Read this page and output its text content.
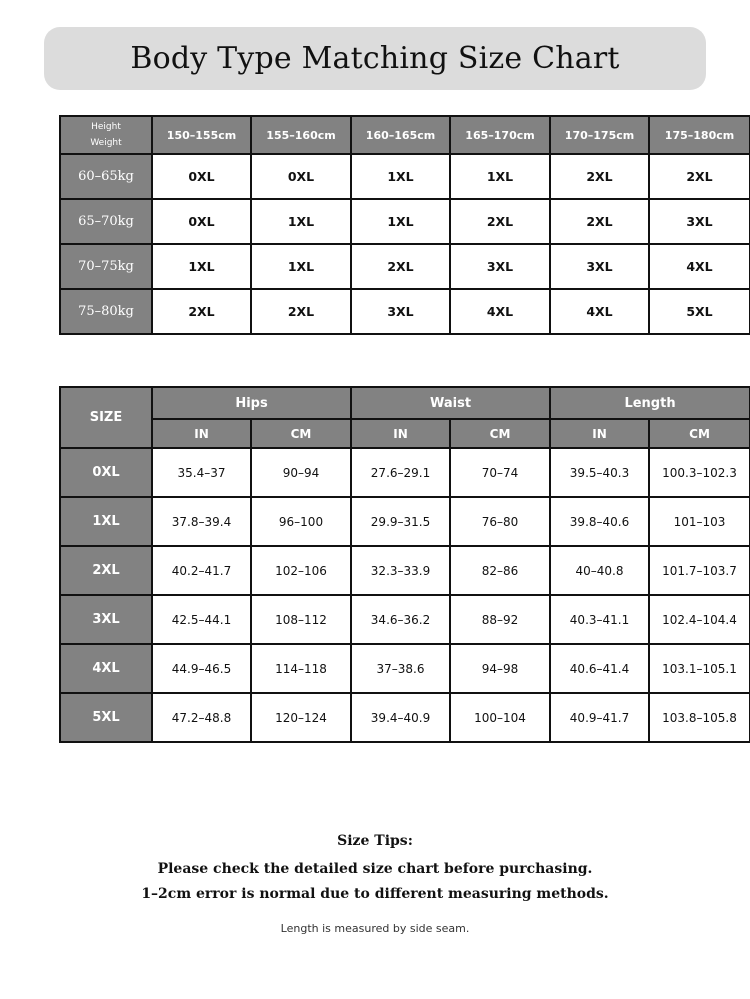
Body Type Matching Size Chart
Height
Weight	150–155cm	155–160cm	160–165cm	165–170cm	170–175cm	175–180cm
60–65kg	0XL	0XL	1XL	1XL	2XL	2XL
65–70kg	0XL	1XL	1XL	2XL	2XL	3XL
70–75kg	1XL	1XL	2XL	3XL	3XL	4XL
75–80kg	2XL	2XL	3XL	4XL	4XL	5XL
SIZE	Hips		Waist		Length	
	IN	CM	IN	CM	IN	CM
0XL	35.4–37	90–94	27.6–29.1	70–74	39.5–40.3	100.3–102.3
1XL	37.8–39.4	96–100	29.9–31.5	76–80	39.8–40.6	101–103
2XL	40.2–41.7	102–106	32.3–33.9	82–86	40–40.8	101.7–103.7
3XL	42.5–44.1	108–112	34.6–36.2	88–92	40.3–41.1	102.4–104.4
4XL	44.9–46.5	114–118	37–38.6	94–98	40.6–41.4	103.1–105.1
5XL	47.2–48.8	120–124	39.4–40.9	100–104	40.9–41.7	103.8–105.8
Size Tips:
Please check the detailed size chart before purchasing.
1–2cm error is normal due to different measuring methods.
Length is measured by side seam.
